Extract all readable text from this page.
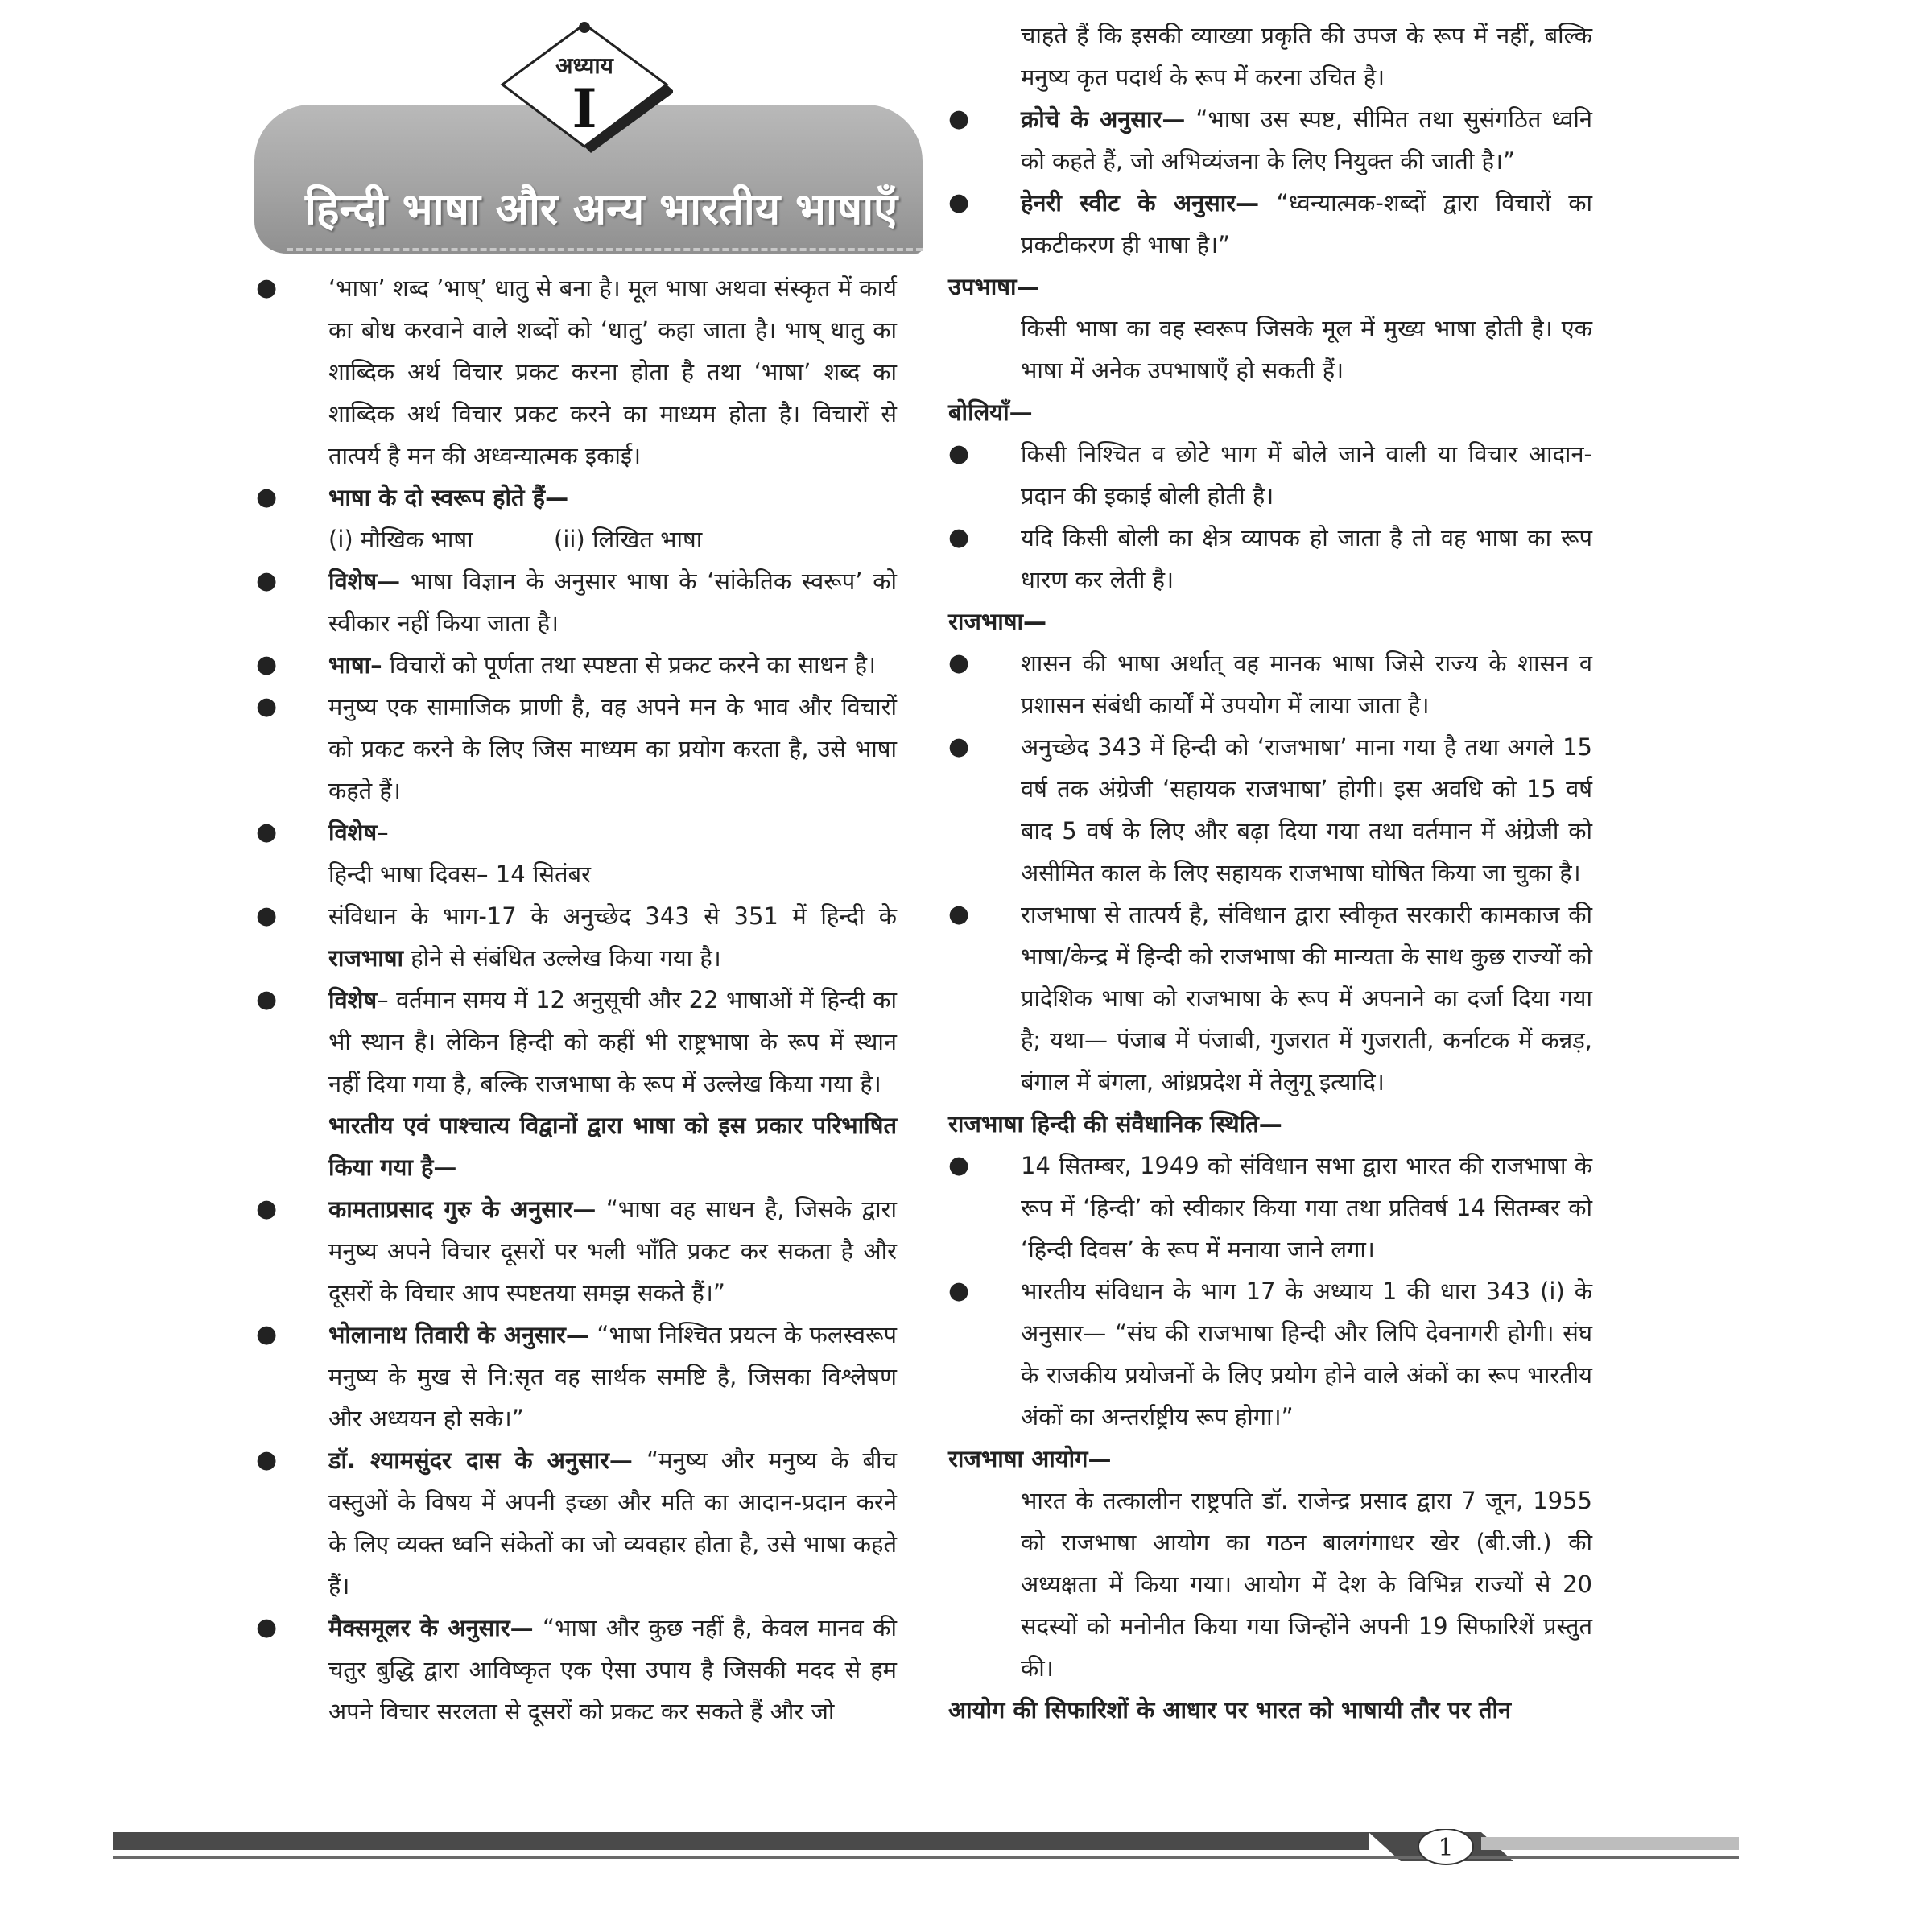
अध्याय
I
हिन्दी भाषा और अन्य भारतीय भाषाएँ
● ‘भाषा’ शब्द ’भाष्’ धातु से बना है। मूल भाषा अथवा संस्कृत में कार्य का बोध करवाने वाले शब्दों को ‘धातु’ कहा जाता है। भाष् धातु का शाब्दिक अर्थ विचार प्रकट करना होता है तथा ‘भाषा’ शब्द का शाब्दिक अर्थ विचार प्रकट करने का माध्यम होता है। विचारों से तात्पर्य है मन की अध्वन्यात्मक इकाई।
● भाषा के दो स्वरूप होते हैं—
(i) मौखिक भाषा	(ii) लिखित भाषा
● विशेष— भाषा विज्ञान के अनुसार भाषा के ‘सांकेतिक स्वरूप’ को स्वीकार नहीं किया जाता है।
● भाषा– विचारों को पूर्णता तथा स्पष्टता से प्रकट करने का साधन है।
● मनुष्य एक सामाजिक प्राणी है, वह अपने मन के भाव और विचारों को प्रकट करने के लिए जिस माध्यम का प्रयोग करता है, उसे भाषा कहते हैं।
● विशेष–
हिन्दी भाषा दिवस– 14 सितंबर
● संविधान के भाग-17 के अनुच्छेद 343 से 351 में हिन्दी के राजभाषा होने से संबंधित उल्लेख किया गया है।
● विशेष– वर्तमान समय में 12 अनुसूची और 22 भाषाओं में हिन्दी का भी स्थान है। लेकिन हिन्दी को कहीं भी राष्ट्रभाषा के रूप में स्थान नहीं दिया गया है, बल्कि राजभाषा के रूप में उल्लेख किया गया है।
भारतीय एवं पाश्चात्य विद्वानों द्वारा भाषा को इस प्रकार परिभाषित किया गया है—
● कामताप्रसाद गुरु के अनुसार— “भाषा वह साधन है, जिसके द्वारा मनुष्य अपने विचार दूसरों पर भली भाँति प्रकट कर सकता है और दूसरों के विचार आप स्पष्टतया समझ सकते हैं।”
● भोलानाथ तिवारी के अनुसार— “भाषा निश्चित प्रयत्न के फलस्वरूप मनुष्य के मुख से नि:सृत वह सार्थक समष्टि है, जिसका विश्लेषण और अध्ययन हो सके।”
● डॉ. श्यामसुंदर दास के अनुसार— “मनुष्य और मनुष्य के बीच वस्तुओं के विषय में अपनी इच्छा और मति का आदान-प्रदान करने के लिए व्यक्त ध्वनि संकेतों का जो व्यवहार होता है, उसे भाषा कहते हैं।
● मैक्समूलर के अनुसार— “भाषा और कुछ नहीं है, केवल मानव की चतुर बुद्धि द्वारा आविष्कृत एक ऐसा उपाय है जिसकी मदद से हम अपने विचार सरलता से दूसरों को प्रकट कर सकते हैं और जो
चाहते हैं कि इसकी व्याख्या प्रकृति की उपज के रूप में नहीं, बल्कि मनुष्य कृत पदार्थ के रूप में करना उचित है।
● क्रोचे के अनुसार— “भाषा उस स्पष्ट, सीमित तथा सुसंगठित ध्वनि को कहते हैं, जो अभिव्यंजना के लिए नियुक्त की जाती है।”
● हेनरी स्वीट के अनुसार— “ध्वन्यात्मक-शब्दों द्वारा विचारों का प्रकटीकरण ही भाषा है।”
उपभाषा—
किसी भाषा का वह स्वरूप जिसके मूल में मुख्य भाषा होती है। एक भाषा में अनेक उपभाषाएँ हो सकती हैं।
बोलियाँ—
● किसी निश्चित व छोटे भाग में बोले जाने वाली या विचार आदान-प्रदान की इकाई बोली होती है।
● यदि किसी बोली का क्षेत्र व्यापक हो जाता है तो वह भाषा का रूप धारण कर लेती है।
राजभाषा—
● शासन की भाषा अर्थात् वह मानक भाषा जिसे राज्य के शासन व प्रशासन संबंधी कार्यों में उपयोग में लाया जाता है।
● अनुच्छेद 343 में हिन्दी को ‘राजभाषा’ माना गया है तथा अगले 15 वर्ष तक अंग्रेजी ‘सहायक राजभाषा’ होगी। इस अवधि को 15 वर्ष बाद 5 वर्ष के लिए और बढ़ा दिया गया तथा वर्तमान में अंग्रेजी को असीमित काल के लिए सहायक राजभाषा घोषित किया जा चुका है।
● राजभाषा से तात्पर्य है, संविधान द्वारा स्वीकृत सरकारी कामकाज की भाषा/केन्द्र में हिन्दी को राजभाषा की मान्यता के साथ कुछ राज्यों को प्रादेशिक भाषा को राजभाषा के रूप में अपनाने का दर्जा दिया गया है; यथा— पंजाब में पंजाबी, गुजरात में गुजराती, कर्नाटक में कन्नड़, बंगाल में बंगला, आंध्रप्रदेश में तेलुगू इत्यादि।
राजभाषा हिन्दी की संवैधानिक स्थिति—
● 14 सितम्बर, 1949 को संविधान सभा द्वारा भारत की राजभाषा के रूप में ‘हिन्दी’ को स्वीकार किया गया तथा प्रतिवर्ष 14 सितम्बर को ‘हिन्दी दिवस’ के रूप में मनाया जाने लगा।
● भारतीय संविधान के भाग 17 के अध्याय 1 की धारा 343 (i) के अनुसार— “संघ की राजभाषा हिन्दी और लिपि देवनागरी होगी। संघ के राजकीय प्रयोजनों के लिए प्रयोग होने वाले अंकों का रूप भारतीय अंकों का अन्तर्राष्ट्रीय रूप होगा।”
राजभाषा आयोग—
भारत के तत्कालीन राष्ट्रपति डॉ. राजेन्द्र प्रसाद द्वारा 7 जून, 1955 को राजभाषा आयोग का गठन बालगंगाधर खेर (बी.जी.) की अध्यक्षता में किया गया। आयोग में देश के विभिन्न राज्यों से 20 सदस्यों को मनोनीत किया गया जिन्होंने अपनी 19 सिफारिशें प्रस्तुत की।
आयोग की सिफारिशों के आधार पर भारत को भाषायी तौर पर तीन
1
